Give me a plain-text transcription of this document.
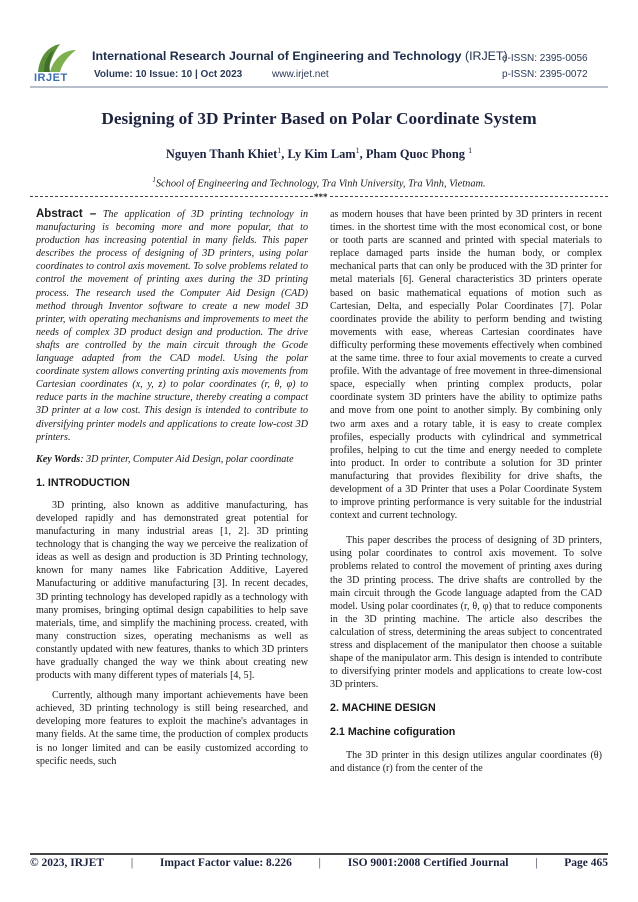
IRJET
International Research Journal of Engineering and Technology (IRJET)
Volume: 10 Issue: 10 | Oct 2023	www.irjet.net
e-ISSN: 2395-0056
p-ISSN: 2395-0072
Designing of 3D Printer Based on Polar Coordinate System
Nguyen Thanh Khiet$^1$, Ly Kim Lam$^1$, Pham Quoc Phong $^1$
$^1$School of Engineering and Technology, Tra Vinh University, Tra Vinh, Vietnam.
***

Abstract – The application of 3D printing technology in manufacturing is becoming more and more popular, that to production has increasing potential in many fields. This paper describes the process of designing of 3D printers, using polar coordinates to control axis movement. To solve problems related to control the movement of printing axes during the 3D printing process. The research used the Computer Aid Design (CAD) method through Inventor software to create a new model 3D printer, with operating mechanisms and improvements to meet the needs of complex 3D product design and production. The drive shafts are controlled by the main circuit through the Gcode language adapted from the CAD model. Using the polar coordinate system allows converting printing axis movements from Cartesian coordinates (x, y, z) to polar coordinates (r, θ, φ) to reduce parts in the machine structure, thereby creating a compact 3D printer at a low cost. This design is intended to contribute to diversifying printer models and applications to create low-cost 3D printers.

Key Words: 3D printer, Computer Aid Design, polar coordinate

1. INTRODUCTION

3D printing, also known as additive manufacturing, has developed rapidly and has demonstrated great potential for manufacturing in many industrial areas [1, 2]. 3D printing technology that is changing the way we perceive the realization of ideas as well as design and production is 3D Printing technology, known for many names like Fabrication Additive, Layered Manufacturing or additive manufacturing [3]. In recent decades, 3D printing technology has developed rapidly as a technology with many promises, bringing optimal design capabilities to help save materials, time, and simplify the machining process. created, with many construction sizes, operating mechanisms as well as constantly updated with new features, thanks to which 3D printers have gradually changed the way we think about creating new products with many different types of materials [4, 5].

Currently, although many important achievements have been achieved, 3D printing technology is still being researched, and developing more features to exploit the machine's advantages in many fields. At the same time, the production of complex products is no longer limited and can be easily customized according to specific needs, such

as modern houses that have been printed by 3D printers in recent times. in the shortest time with the most economical cost, or bone or tooth parts are scanned and printed with special materials to replace damaged parts inside the human body, or complex mechanical parts that can only be produced with the 3D printer for metal materials [6]. General characteristics 3D printers operate based on basic mathematical equations of motion such as Cartesian, Delta, and especially Polar Coordinates [7]. Polar coordinates provide the ability to perform bending and twisting movements with ease, whereas Cartesian coordinates have difficulty performing these movements effectively when combined at the same time. three to four axial movements to create a curved profile. With the advantage of free movement in three-dimensional space, especially when printing complex products, polar coordinate system 3D printers have the ability to optimize paths and move from one point to another simply. By combining only two arm axes and a rotary table, it is easy to create complex profiles, especially products with cylindrical and symmetrical profiles, helping to cut the time and energy needed to complete into product. In order to contribute a solution for 3D printer manufacturing that provides flexibility for drive shafts, the development of a 3D Printer that uses a Polar Coordinate System to improve printing performance is very suitable for the industrial context and current technology.

This paper describes the process of designing of 3D printers, using polar coordinates to control axis movement. To solve problems related to control the movement of printing axes during the 3D printing process. The drive shafts are controlled by the main circuit through the Gcode language adapted from the CAD model. Using polar coordinates (r, θ, φ) that to reduce components in the 3D printing machine. The article also describes the calculation of stress, determining the areas subject to concentrated stress and displacement of the manipulator then choose a suitable shape of the manipulator arm. This design is intended to contribute to diversifying printer models and applications to create low-cost 3D printers.

2. MACHINE DESIGN
2.1 Machine cofiguration

The 3D printer in this design utilizes angular coordinates (θ) and distance (r) from the center of the

© 2023, IRJET | Impact Factor value: 8.226 | ISO 9001:2008 Certified Journal | Page 465
